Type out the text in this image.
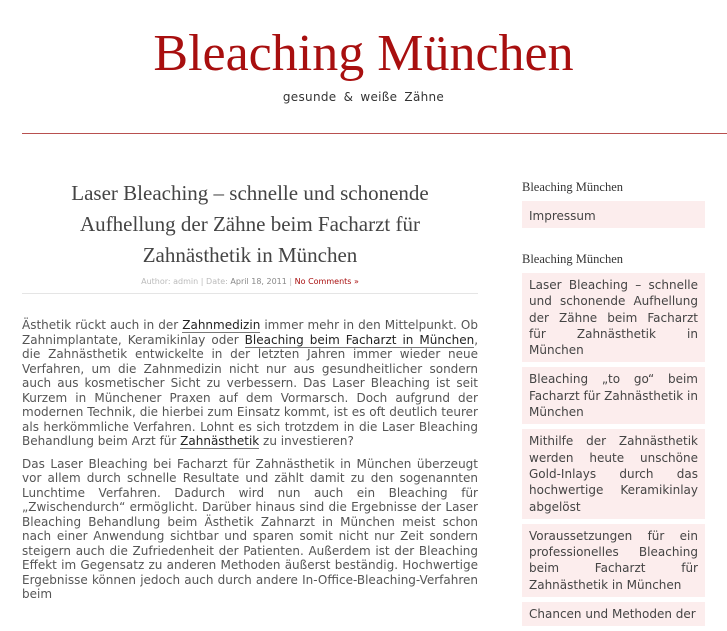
Bleaching München
gesunde & weiße Zähne
Laser Bleaching – schnelle und schonende Aufhellung der Zähne beim Facharzt für Zahnästhetik in München
Author: admin | Date: April 18, 2011 | No Comments »

Ästhetik rückt auch in der Zahnmedizin immer mehr in den Mittelpunkt. Ob Zahnimplantate, Keramikinlay oder Bleaching beim Facharzt in München, die Zahnästhetik entwickelte in der letzten Jahren immer wieder neue Verfahren, um die Zahnmedizin nicht nur aus gesundheitlicher sondern auch aus kosmetischer Sicht zu verbessern. Das Laser Bleaching ist seit Kurzem in Münchener Praxen auf dem Vormarsch. Doch aufgrund der modernen Technik, die hierbei zum Einsatz kommt, ist es oft deutlich teurer als herkömmliche Verfahren. Lohnt es sich trotzdem in die Laser Bleaching Behandlung beim Arzt für Zahnästhetik zu investieren?

Das Laser Bleaching bei Facharzt für Zahnästhetik in München überzeugt vor allem durch schnelle Resultate und zählt damit zu den sogenannten Lunchtime Verfahren. Dadurch wird nun auch ein Bleaching für „Zwischendurch“ ermöglicht. Darüber hinaus sind die Ergebnisse der Laser Bleaching Behandlung beim Ästhetik Zahnarzt in München meist schon nach einer Anwendung sichtbar und sparen somit nicht nur Zeit sondern steigern auch die Zufriedenheit der Patienten. Außerdem ist der Bleaching Effekt im Gegensatz zu anderen Methoden äußerst beständig. Hochwertige Ergebnisse können jedoch auch durch andere In-Office-Bleaching-Verfahren beim

Bleaching München
Impressum
Bleaching München
Laser Bleaching – schnelle und schonende Aufhellung der Zähne beim Facharzt für Zahnästhetik in München
Bleaching „to go“ beim Facharzt für Zahnästhetik in München
Mithilfe der Zahnästhetik werden heute unschöne Gold-Inlays durch das hochwertige Keramikinlay abgelöst
Voraussetzungen für ein professionelles Bleaching beim Facharzt für Zahnästhetik in München
Chancen und Methoden der
